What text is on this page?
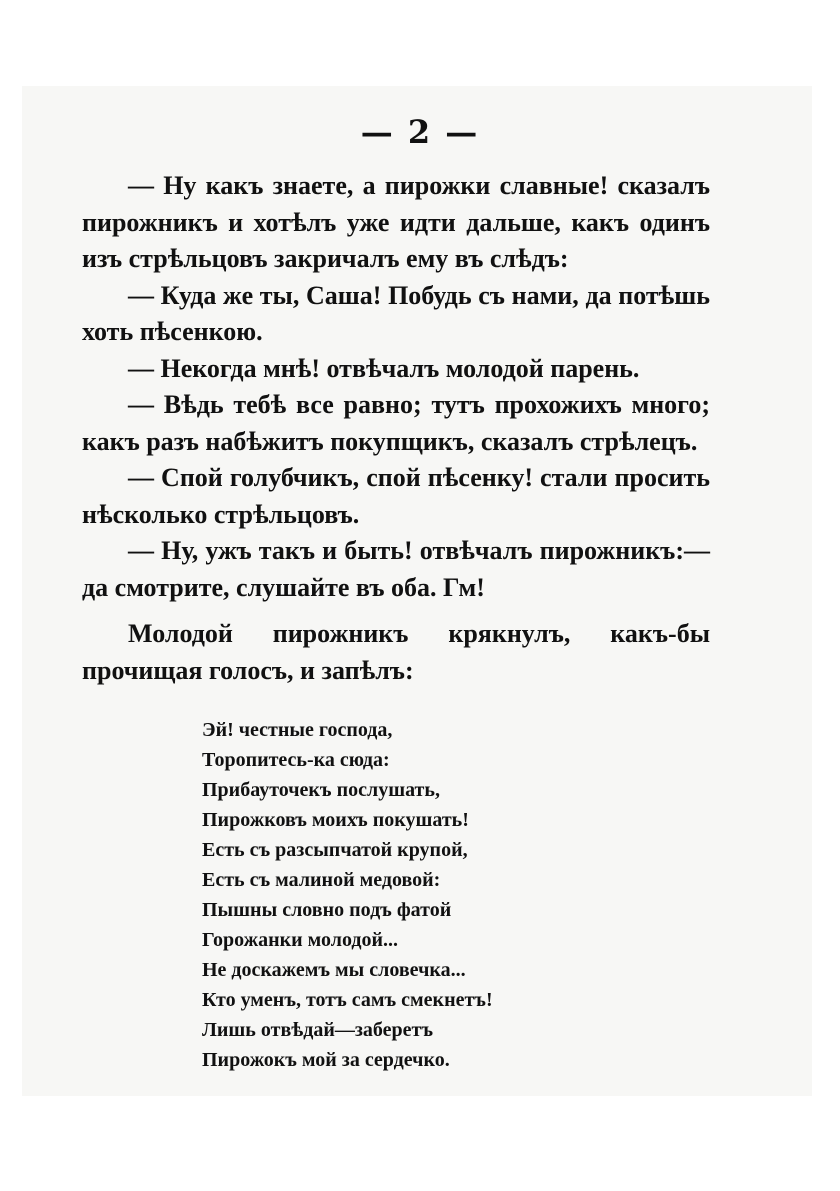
— 2 —

— Ну какъ знаете, а пирожки славные! сказалъ пирожникъ и хотѣлъ уже идти дальше, какъ одинъ изъ стрѣльцовъ закричалъ ему въ слѣдъ:

— Куда же ты, Саша! Побудь съ нами, да потѣшь хоть пѣсенкою.

— Некогда мнѣ! отвѣчалъ молодой парень.

— Вѣдь тебѣ все равно; тутъ прохожихъ много; какъ разъ набѣжитъ покупщикъ, сказалъ стрѣлецъ.

— Спой голубчикъ, спой пѣсенку! стали просить нѣсколько стрѣльцовъ.

— Ну, ужъ такъ и быть! отвѣчалъ пирожникъ:—да смотрите, слушайте въ оба. Гм!

Молодой пирожникъ крякнулъ, какъ-бы прочищая голосъ, и запѣлъ:

Эй! честные господа,
Торопитесь-ка сюда:
Прибауточекъ послушать,
Пирожковъ моихъ покушать!
Есть съ разсыпчатой крупой,
Есть съ малиной медовой:
Пышны словно подъ фатой
Горожанки молодой...
Не доскажемъ мы словечка...
Кто уменъ, тотъ самъ смекнетъ!
Лишь отвѣдай—заберетъ
Пирожокъ мой за сердечко.
